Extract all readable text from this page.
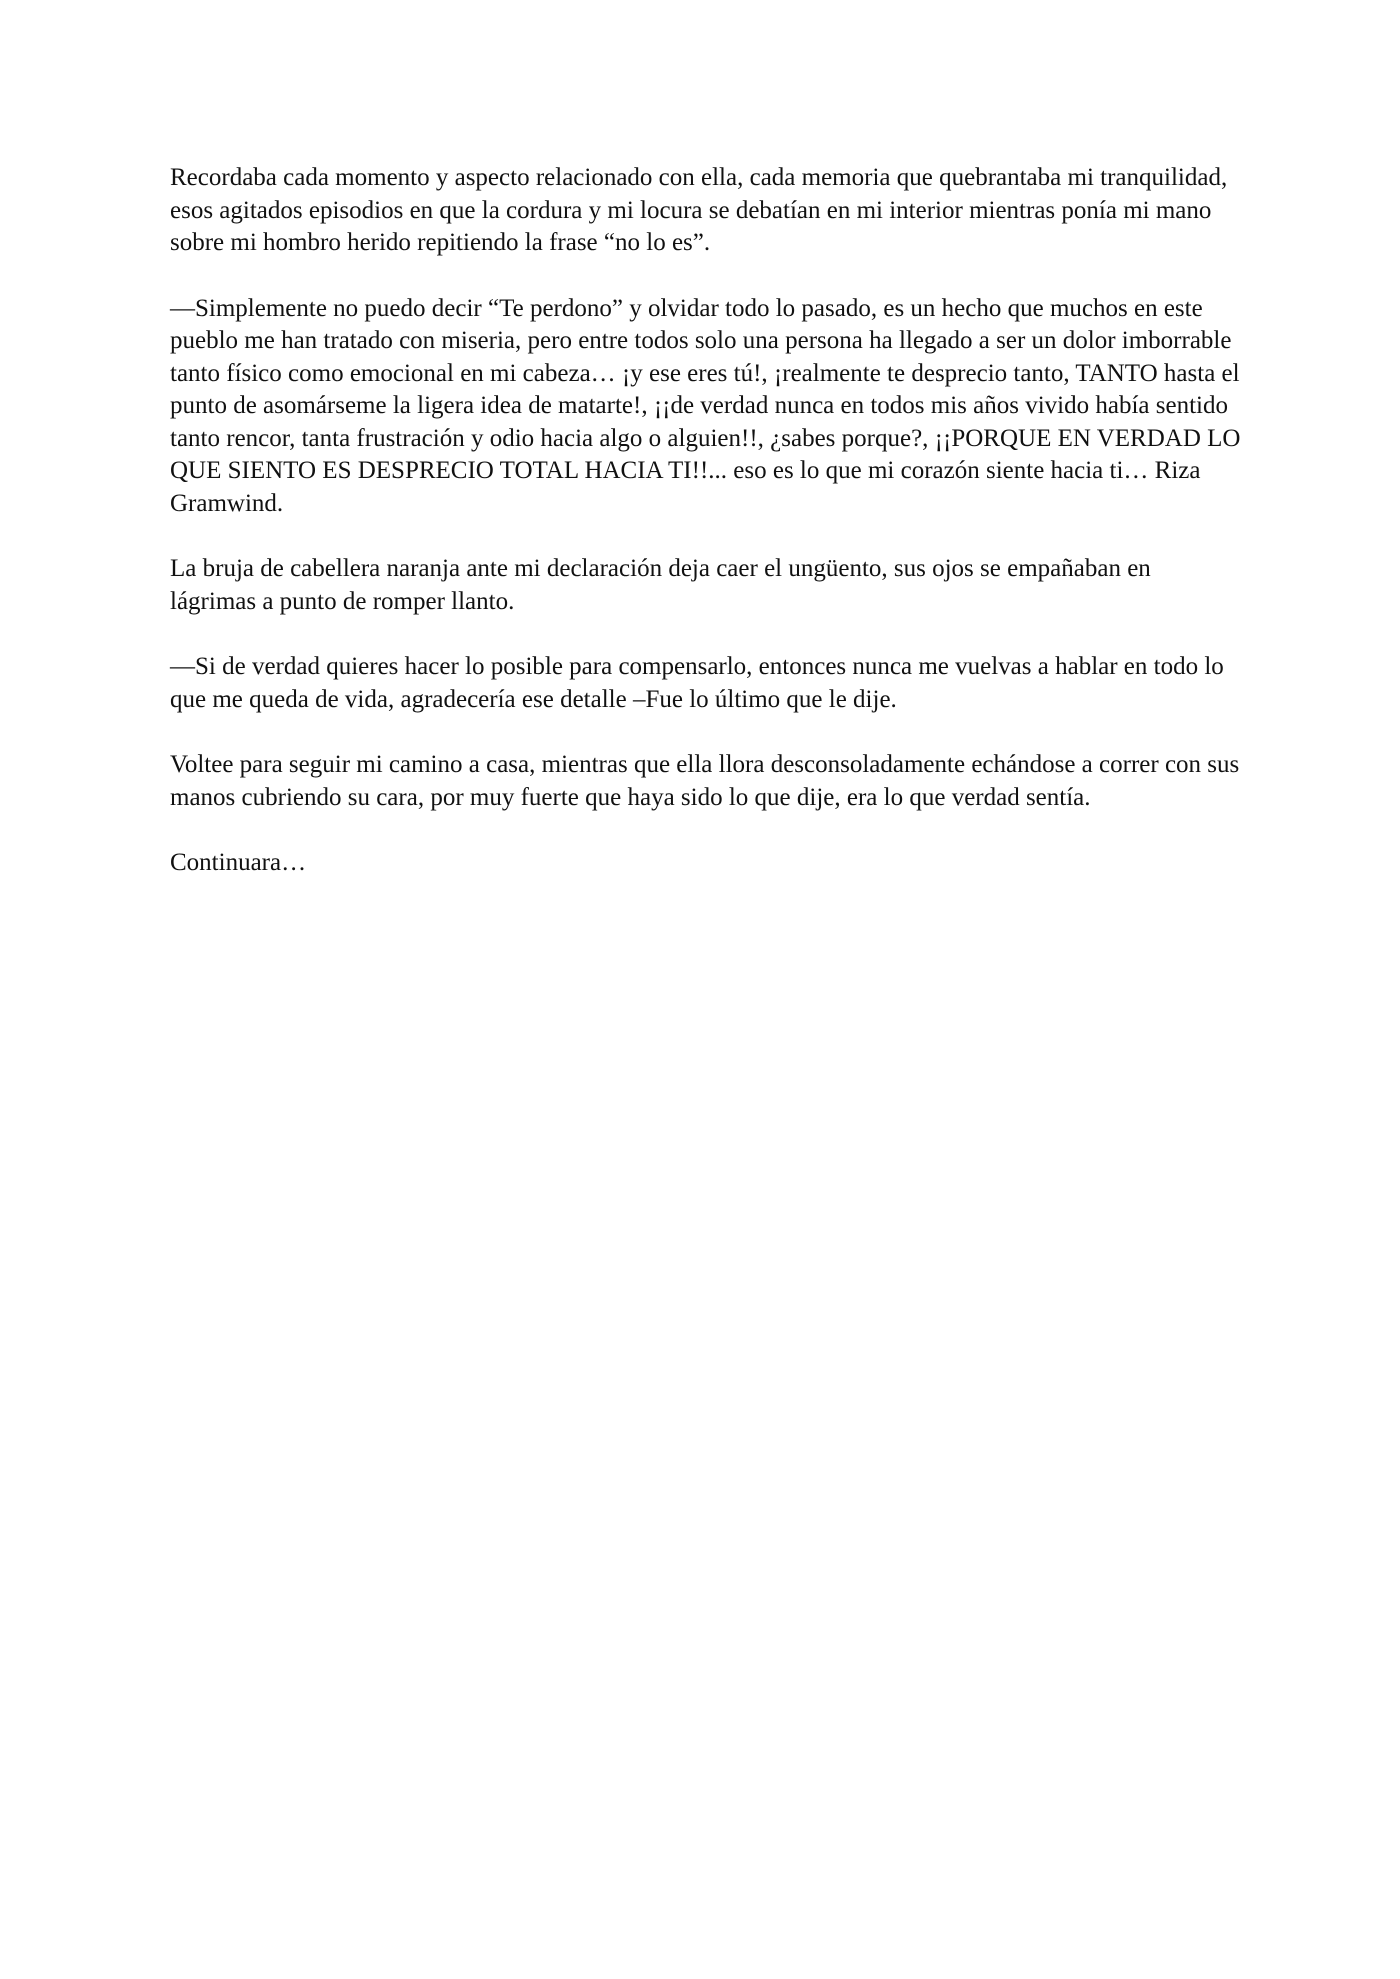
Recordaba cada momento y aspecto relacionado con ella, cada memoria que quebrantaba mi tranquilidad, esos agitados episodios en que la cordura y mi locura se debatían en mi interior mientras ponía mi mano sobre mi hombro herido repitiendo la frase “no lo es”.

—Simplemente no puedo decir “Te perdono” y olvidar todo lo pasado, es un hecho que muchos en este pueblo me han tratado con miseria, pero entre todos solo una persona ha llegado a ser un dolor imborrable tanto físico como emocional en mi cabeza… ¡y ese eres tú!, ¡realmente te desprecio tanto, TANTO hasta el punto de asomárseme la ligera idea de matarte!, ¡¡de verdad nunca en todos mis años vivido había sentido tanto rencor, tanta frustración y odio hacia algo o alguien!!, ¿sabes porque?, ¡¡PORQUE EN VERDAD LO QUE SIENTO ES DESPRECIO TOTAL HACIA TI!!... eso es lo que mi corazón siente hacia ti… Riza Gramwind.

La bruja de cabellera naranja ante mi declaración deja caer el ungüento, sus ojos se empañaban en lágrimas a punto de romper llanto.

—Si de verdad quieres hacer lo posible para compensarlo, entonces nunca me vuelvas a hablar en todo lo que me queda de vida, agradecería ese detalle –Fue lo último que le dije.

Voltee para seguir mi camino a casa, mientras que ella llora desconsoladamente echándose a correr con sus manos cubriendo su cara, por muy fuerte que haya sido lo que dije, era lo que verdad sentía.

Continuara…
